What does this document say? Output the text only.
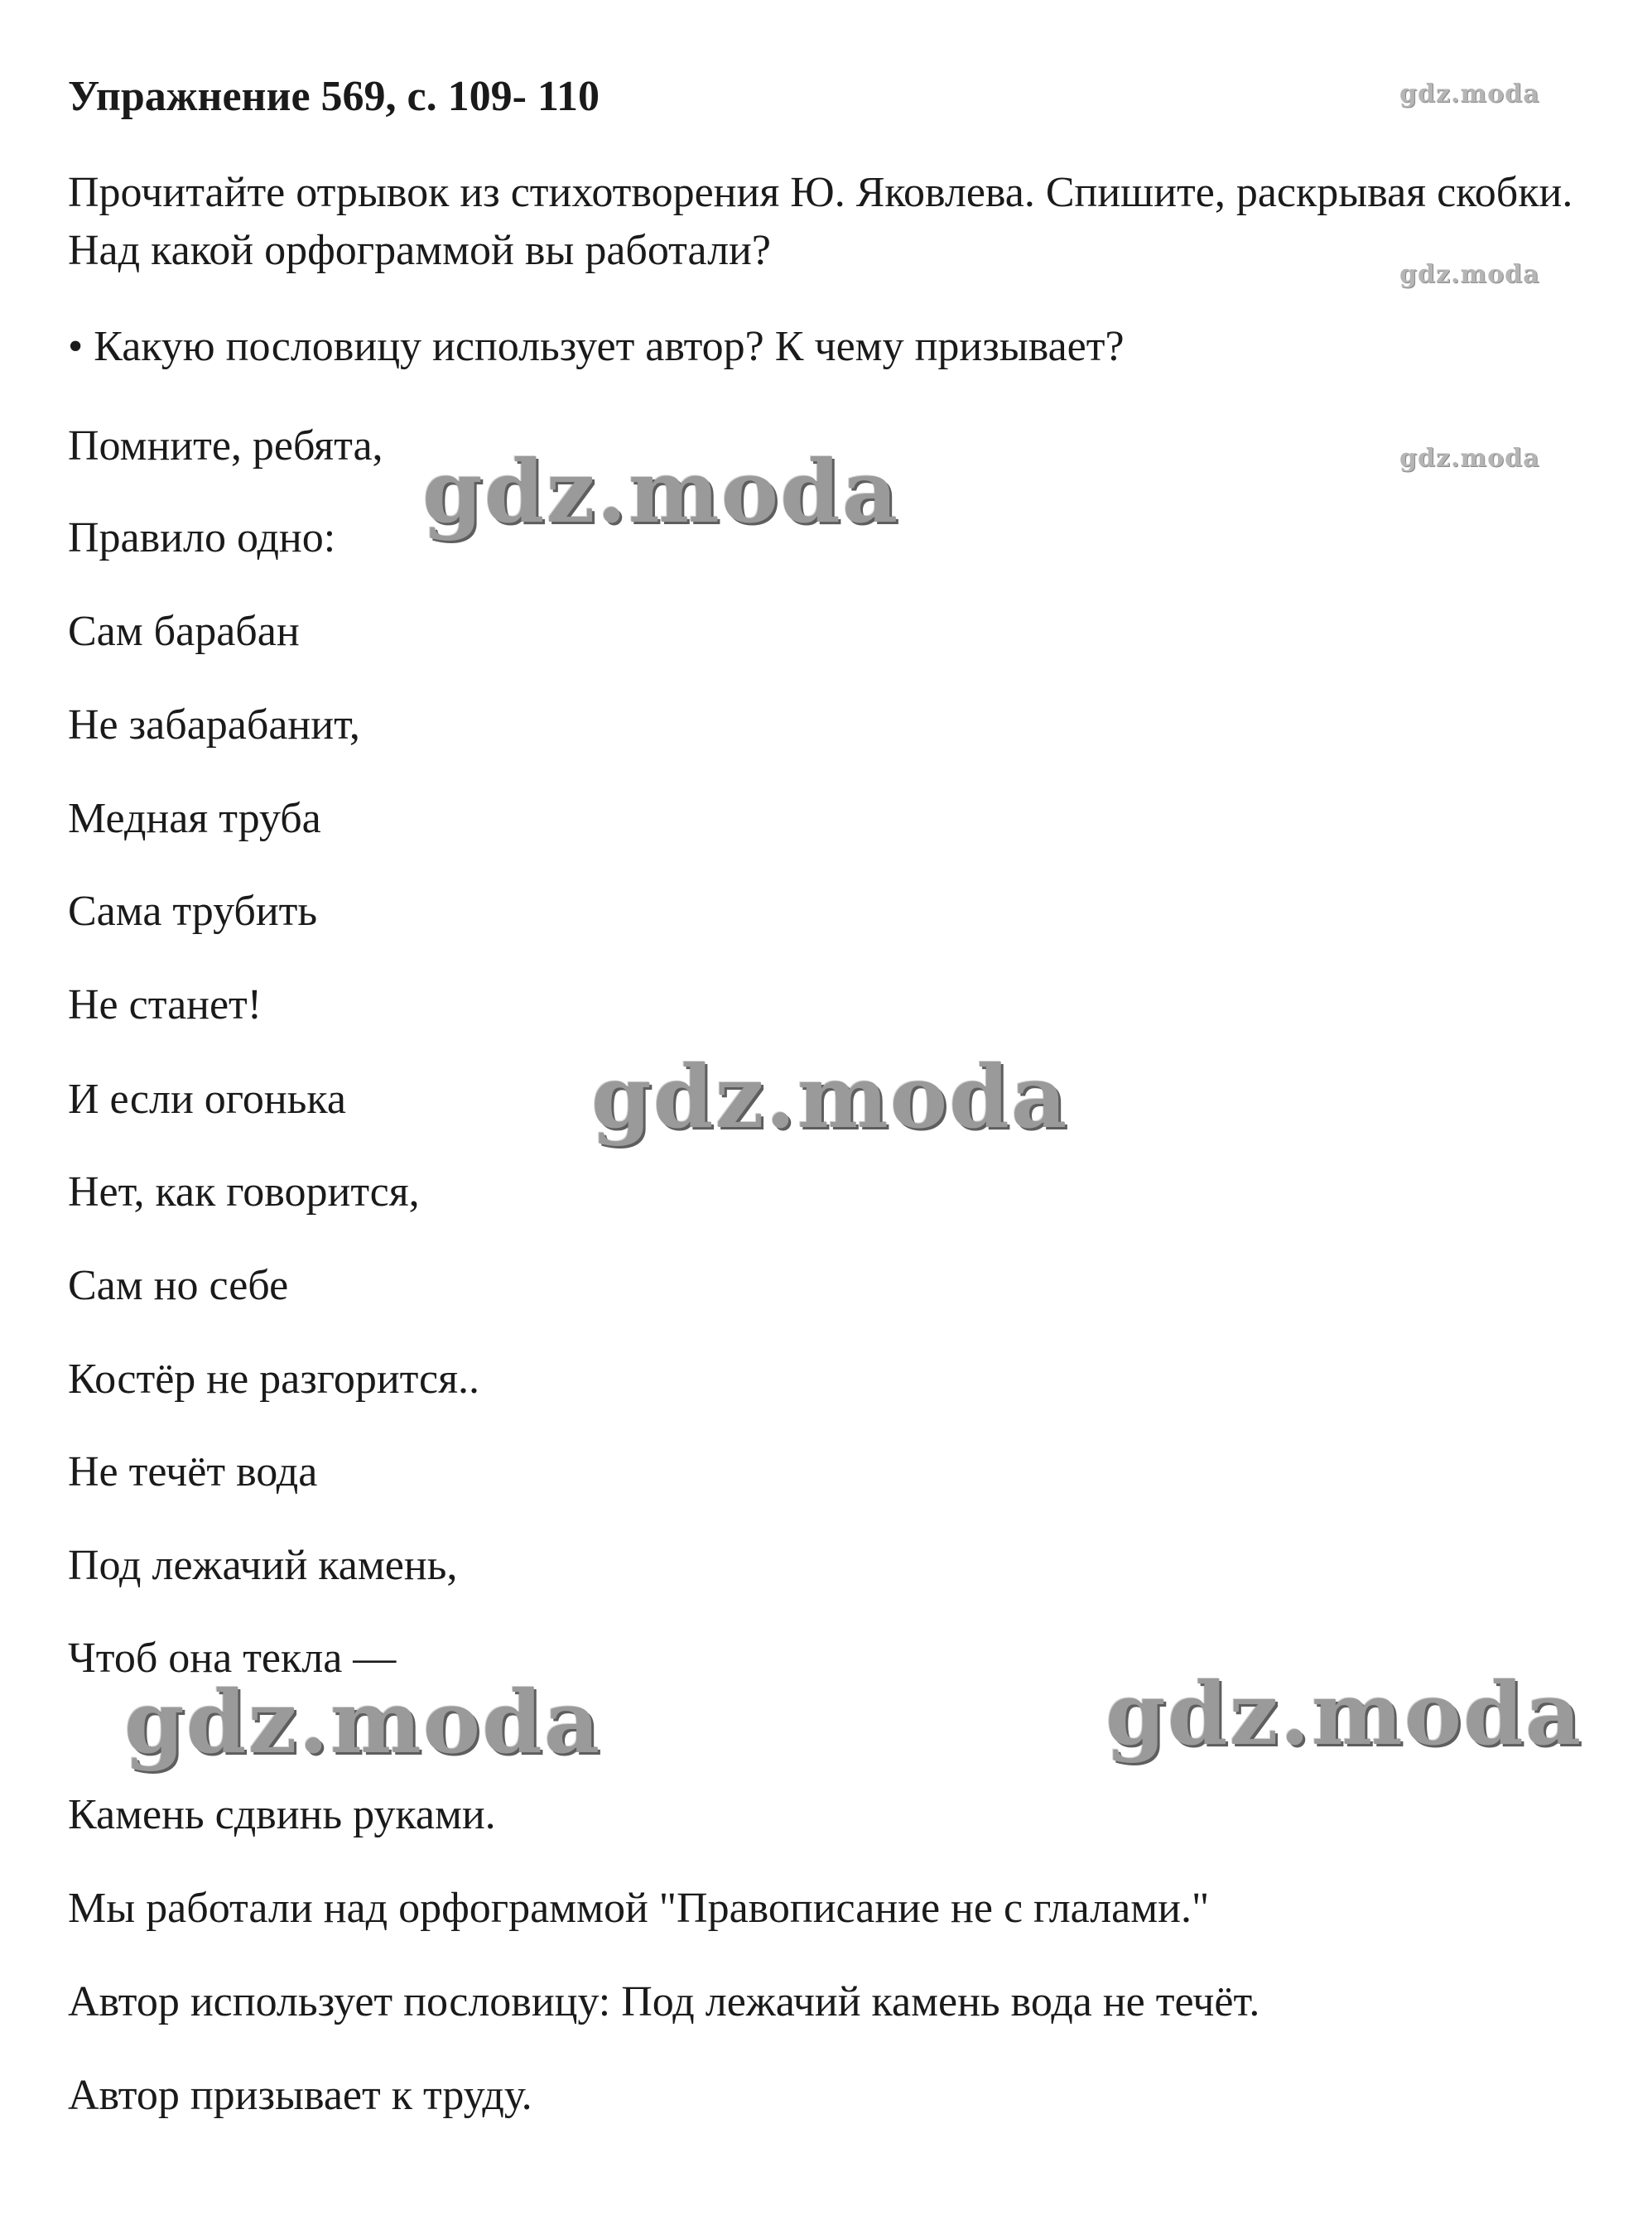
Упражнение 569, с. 109- 110
Прочитайте отрывок из стихотворения Ю. Яковлева. Спишите, раскрывая скобки. Над какой орфограммой вы работали?
• Какую пословицу использует автор? К чему призывает?
Помните, ребята,
Правило одно:
Сам барабан
Не забарабанит,
Медная труба
Сама трубить
Не станет!
И если огонька
Нет, как говорится,
Сам но себе
Костёр не разгорится..
Не течёт вода
Под лежачий камень,
Чтоб она текла —
Камень сдвинь руками.
Мы работали над орфограммой "Правописание не с глалами."
Автор использует пословицу: Под лежачий камень вода не течёт.
Автор призывает к труду.
gdz.moda
gdz.moda
gdz.moda
gdz.moda
gdz.moda
gdz.moda	gdz.moda
